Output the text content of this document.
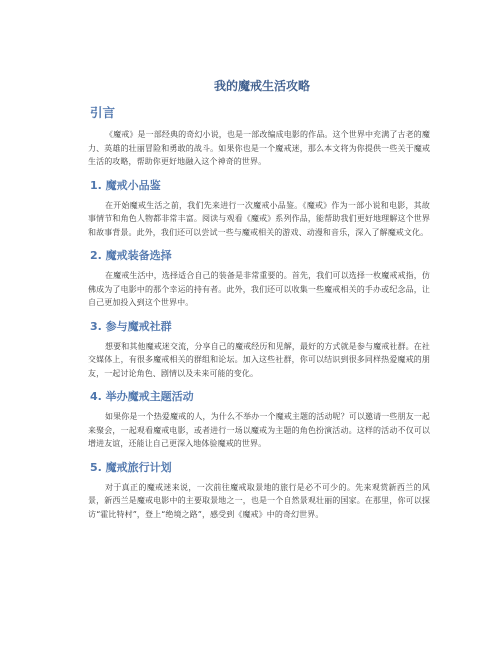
我的魔戒生活攻略
引言

《魔戒》是一部经典的奇幻小说，也是一部改编成电影的作品。这个世界中充满了古老的魔力、英雄的壮丽冒险和勇敢的战斗。如果你也是一个魔戒迷，那么本文将为你提供一些关于魔戒生活的攻略，帮助你更好地融入这个神奇的世界。

1. 魔戒小品鉴

在开始魔戒生活之前，我们先来进行一次魔戒小品鉴。《魔戒》作为一部小说和电影，其故事情节和角色人物都非常丰富。阅读与观看《魔戒》系列作品，能帮助我们更好地理解这个世界和故事背景。此外，我们还可以尝试一些与魔戒相关的游戏、动漫和音乐，深入了解魔戒文化。

2. 魔戒装备选择

在魔戒生活中，选择适合自己的装备是非常重要的。首先，我们可以选择一枚魔戒戒指，仿佛成为了电影中的那个幸运的持有者。此外，我们还可以收集一些魔戒相关的手办或纪念品，让自己更加投入到这个世界中。

3. 参与魔戒社群

想要和其他魔戒迷交流，分享自己的魔戒经历和见解，最好的方式就是参与魔戒社群。在社交媒体上，有很多魔戒相关的群组和论坛。加入这些社群，你可以结识到很多同样热爱魔戒的朋友，一起讨论角色、剧情以及未来可能的变化。

4. 举办魔戒主题活动

如果你是一个热爱魔戒的人，为什么不举办一个魔戒主题的活动呢？可以邀请一些朋友一起来聚会，一起观看魔戒电影，或者进行一场以魔戒为主题的角色扮演活动。这样的活动不仅可以增进友谊，还能让自己更深入地体验魔戒的世界。

5. 魔戒旅行计划

对于真正的魔戒迷来说，一次前往魔戒取景地的旅行是必不可少的。先来观赏新西兰的风景，新西兰是魔戒电影中的主要取景地之一，也是一个自然景观壮丽的国家。在那里，你可以探访“霍比特村”，登上“绝境之路”，感受到《魔戒》中的奇幻世界。
